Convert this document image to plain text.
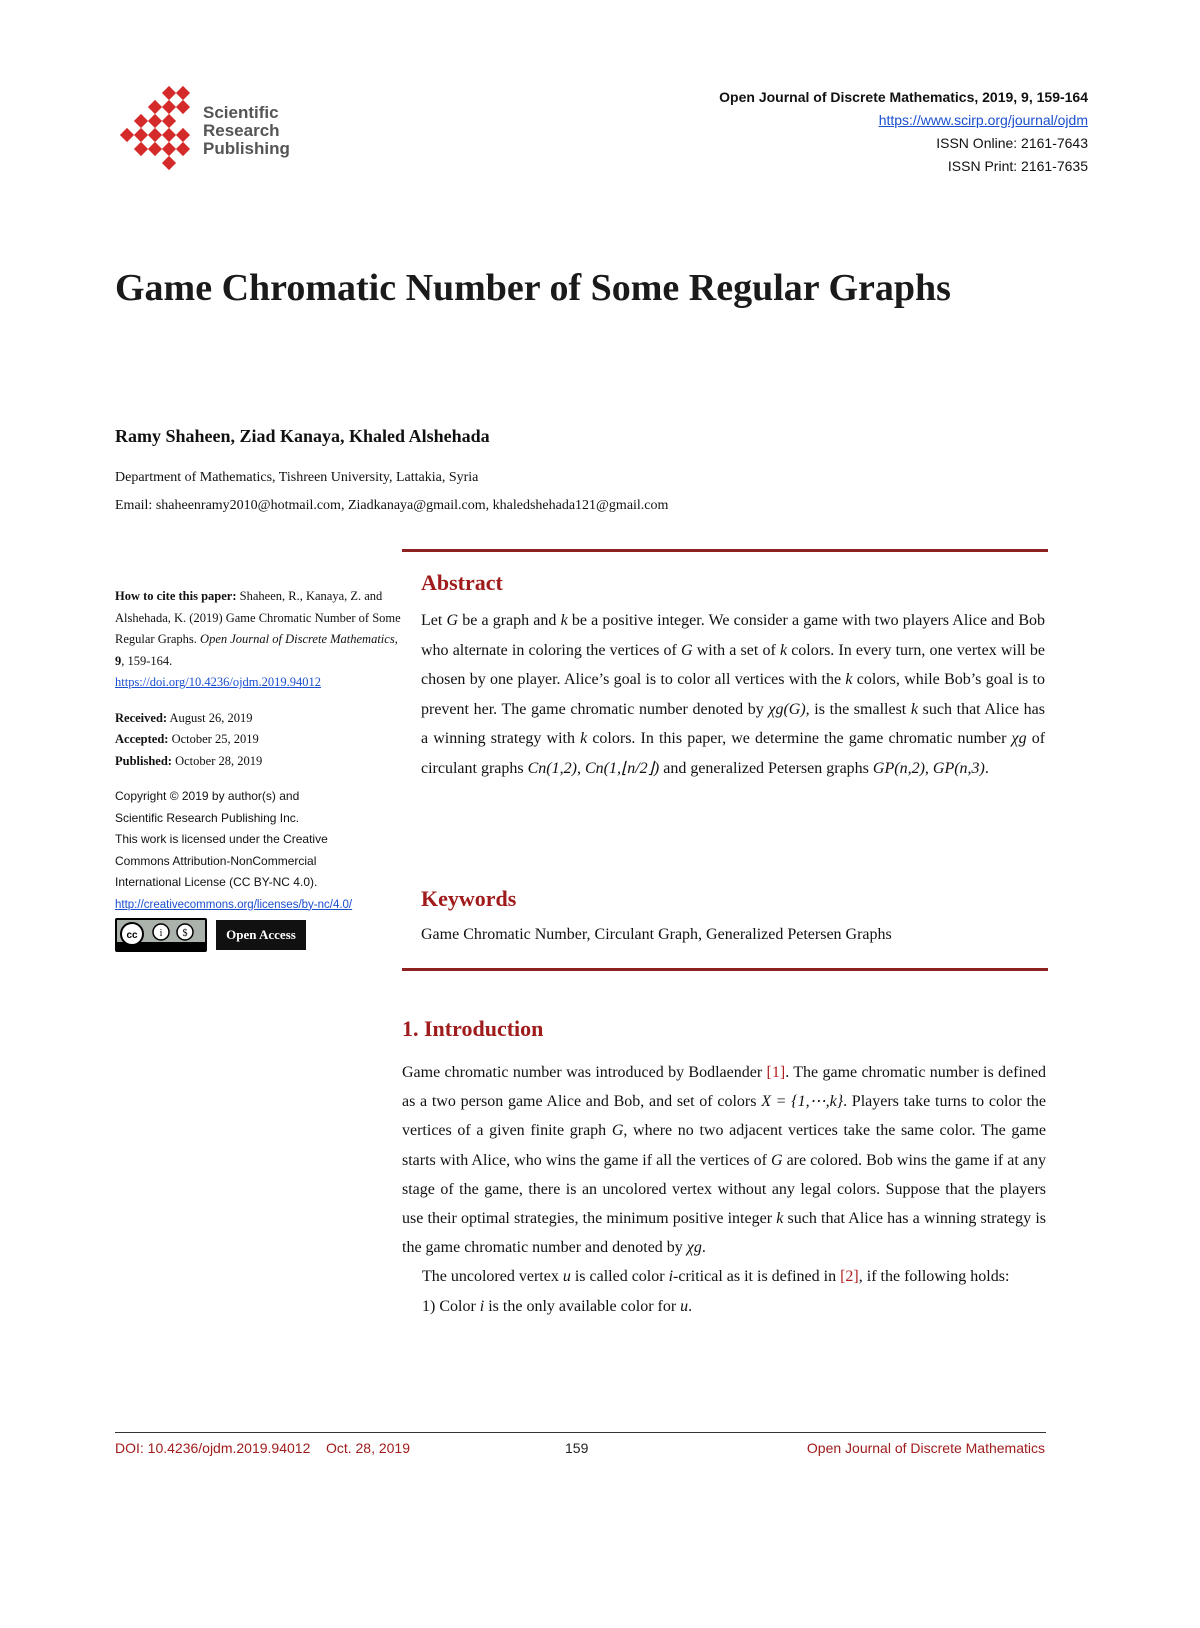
Scientific
Research
Publishing
Open Journal of Discrete Mathematics, 2019, 9, 159-164
https://www.scirp.org/journal/ojdm
ISSN Online: 2161-7643
ISSN Print: 2161-7635
Game Chromatic Number of Some Regular Graphs
Ramy Shaheen, Ziad Kanaya, Khaled Alshehada
Department of Mathematics, Tishreen University, Lattakia, Syria
Email: shaheenramy2010@hotmail.com, Ziadkanaya@gmail.com, khaledshehada121@gmail.com

How to cite this paper: Shaheen, R., Kanaya, Z. and Alshehada, K. (2019) Game Chromatic Number of Some Regular Graphs. Open Journal of Discrete Mathematics, 9, 159-164.

https://doi.org/10.4236/ojdm.2019.94012

Received: August 26, 2019

Accepted: October 25, 2019

Published: October 28, 2019

Copyright © 2019 by author(s) and

Scientific Research Publishing Inc.

This work is licensed under the Creative

Commons Attribution-NonCommercial

International License (CC BY-NC 4.0).

http://creativecommons.org/licenses/by-nc/4.0/

cc i $	Open Access

Abstract
Let G be a graph and k be a positive integer. We consider a game with two players Alice and Bob who alternate in coloring the vertices of G with a set of k colors. In every turn, one vertex will be chosen by one player. Alice’s goal is to color all vertices with the k colors, while Bob’s goal is to prevent her. The game chromatic number denoted by χg(G), is the smallest k such that Alice has a winning strategy with k colors. In this paper, we determine the game chromatic number χg of circulant graphs Cn(1,2), Cn(1,⌊n/2⌋) and generalized Petersen graphs GP(n,2), GP(n,3).
Keywords
Game Chromatic Number, Circulant Graph, Generalized Petersen Graphs
1. Introduction

Game chromatic number was introduced by Bodlaender [1]. The game chromatic number is defined as a two person game Alice and Bob, and set of colors X = {1,⋯,k}. Players take turns to color the vertices of a given finite graph G, where no two adjacent vertices take the same color. The game starts with Alice, who wins the game if all the vertices of G are colored. Bob wins the game if at any stage of the game, there is an uncolored vertex without any legal colors. Suppose that the players use their optimal strategies, the minimum positive integer k such that Alice has a winning strategy is the game chromatic number and denoted by χg.

The uncolored vertex u is called color i-critical as it is defined in [2], if the following holds:

1) Color i is the only available color for u.

DOI: 10.4236/ojdm.2019.94012 Oct. 28, 2019	159	Open Journal of Discrete Mathematics
